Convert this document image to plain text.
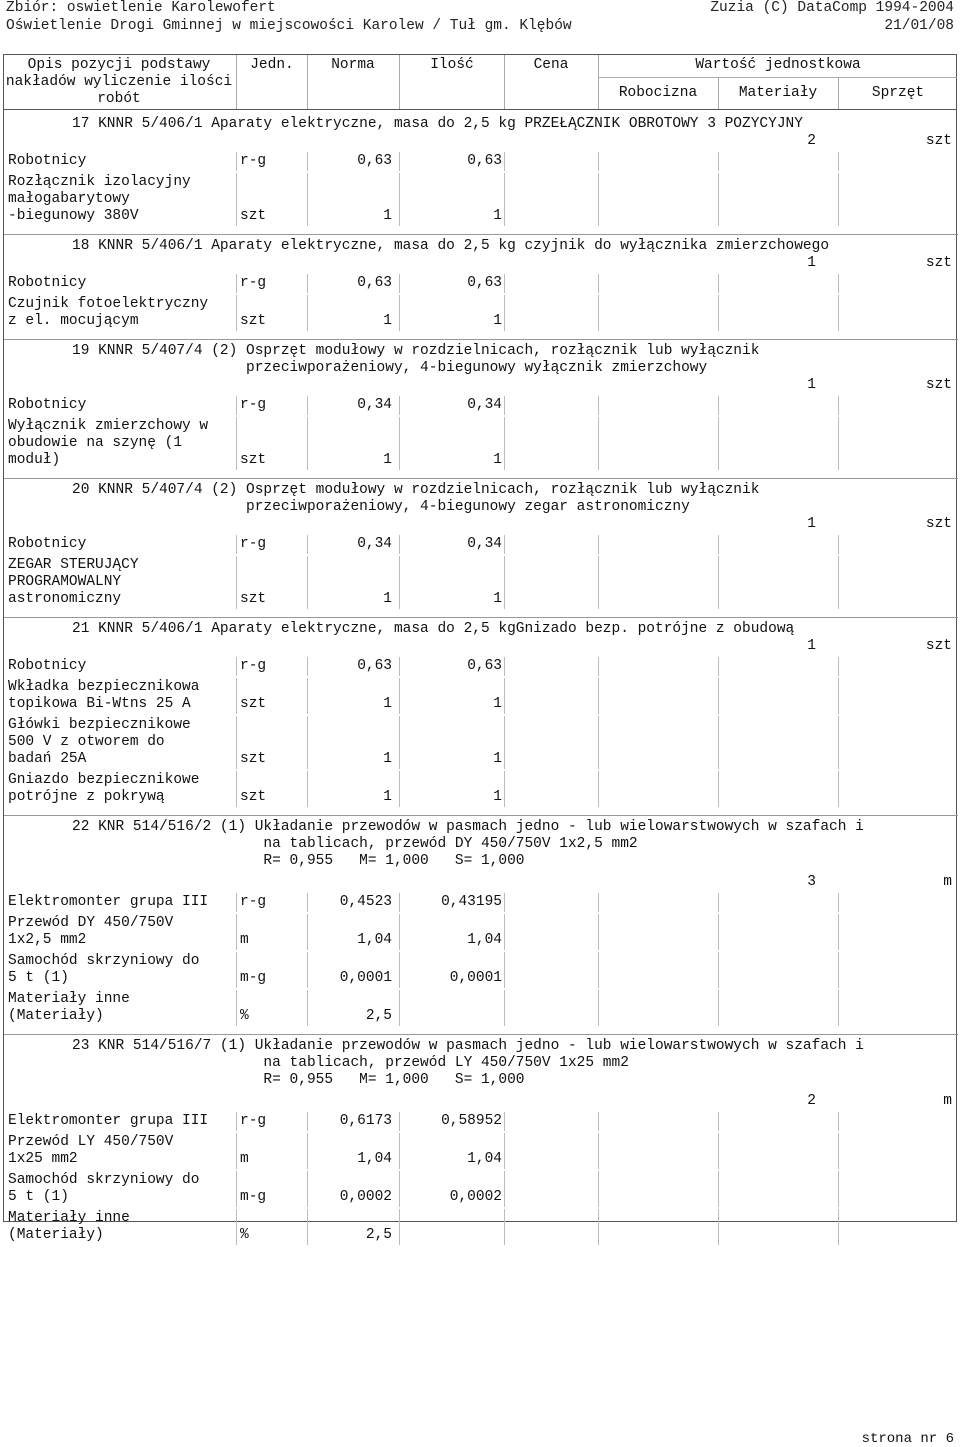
Zbiór: oswietlenie Karolewofert	Zuzia (C) DataComp 1994-2004
Oświetlenie Drogi Gminnej w miejscowości Karolew / Tuł gm. Klębów	21/01/08
Opis pozycji podstawy nakładów wyliczenie ilości robót
Jedn.	Norma	Ilość	Cena	Wartość jednostkowa
Robocizna	Materiały	Sprzęt
17 KNNR 5/406/1 Aparaty elektryczne, masa do 2,5 kg PRZEŁĄCZNIK OBROTOWY 3 POZYCYJNY
2	szt
Robotnicy	r-g	0,63	0,63
Rozłącznik izolacyjny
małogabarytowy
-biegunowy 380V	szt	1	1
18 KNNR 5/406/1 Aparaty elektryczne, masa do 2,5 kg czyjnik do wyłącznika zmierzchowego
1	szt
Robotnicy	r-g	0,63	0,63
Czujnik fotoelektryczny
z el. mocującym	szt	1	1
19 KNNR 5/407/4 (2) Osprzęt modułowy w rozdzielnicach, rozłącznik lub wyłącznik
przeciwporażeniowy, 4-biegunowy wyłącznik zmierzchowy
1	szt
Robotnicy	r-g	0,34	0,34
Wyłącznik zmierzchowy w
obudowie na szynę (1
moduł)	szt	1	1
20 KNNR 5/407/4 (2) Osprzęt modułowy w rozdzielnicach, rozłącznik lub wyłącznik
przeciwporażeniowy, 4-biegunowy zegar astronomiczny
1	szt
Robotnicy	r-g	0,34	0,34
ZEGAR STERUJĄCY
PROGRAMOWALNY
astronomiczny	szt	1	1
21 KNNR 5/406/1 Aparaty elektryczne, masa do 2,5 kgGnizado bezp. potrójne z obudową
1	szt
Robotnicy	r-g	0,63	0,63
Wkładka bezpiecznikowa
topikowa Bi-Wtns 25 A	szt	1	1
Główki bezpiecznikowe
500 V z otworem do
badań 25A	szt	1	1
Gniazdo bezpiecznikowe
potrójne z pokrywą	szt	1	1
22 KNR 514/516/2 (1) Układanie przewodów w pasmach jedno - lub wielowarstwowych w szafach i
na tablicach, przewód DY 450/750V 1x2,5 mm2
R= 0,955   M= 1,000   S= 1,000
3	m
Elektromonter grupa III	r-g	0,4523	0,43195
Przewód DY 450/750V
1x2,5 mm2	m	1,04	1,04
Samochód skrzyniowy do
5 t (1)	m-g	0,0001	0,0001
Materiały inne
(Materiały)	%	2,5
23 KNR 514/516/7 (1) Układanie przewodów w pasmach jedno - lub wielowarstwowych w szafach i
na tablicach, przewód LY 450/750V 1x25 mm2
R= 0,955   M= 1,000   S= 1,000
2	m
Elektromonter grupa III	r-g	0,6173	0,58952
Przewód LY 450/750V
1x25 mm2	m	1,04	1,04
Samochód skrzyniowy do
5 t (1)	m-g	0,0002	0,0002
Materiały inne
(Materiały)	%	2,5
strona nr 6
